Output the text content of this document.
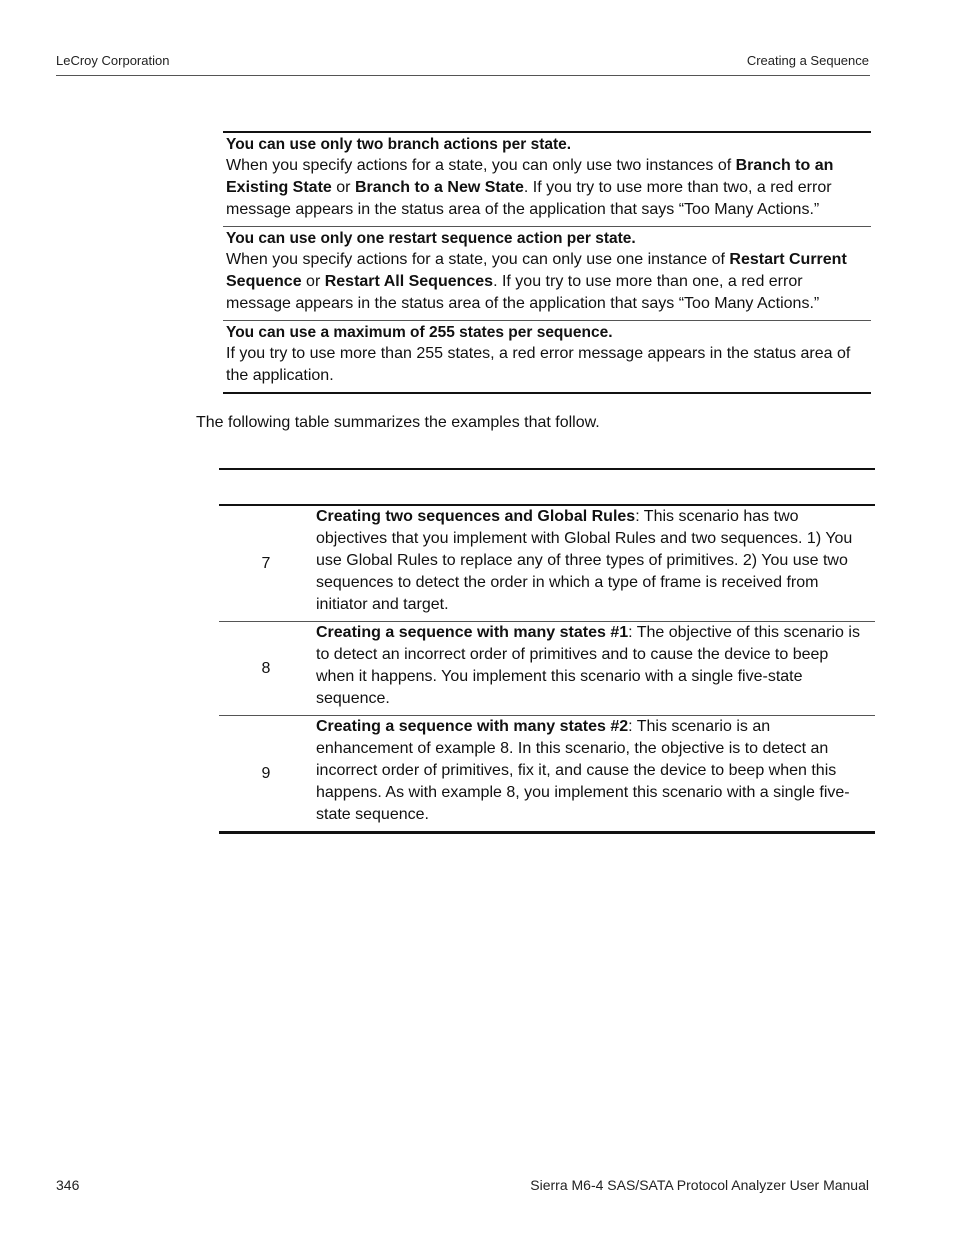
LeCroy Corporation	Creating a Sequence
You can use only two branch actions per state.
When you specify actions for a state, you can only use two instances of Branch to an Existing State or Branch to a New State. If you try to use more than two, a red error message appears in the status area of the application that says “Too Many Actions.”
You can use only one restart sequence action per state.
When you specify actions for a state, you can only use one instance of Restart Current Sequence or Restart All Sequences. If you try to use more than one, a red error message appears in the status area of the application that says “Too Many Actions.”
You can use a maximum of 255 states per sequence.
If you try to use more than 255 states, a red error message appears in the status area of the application.
The following table summarizes the examples that follow.
7
Creating two sequences and Global Rules: This scenario has two objectives that you implement with Global Rules and two sequences. 1) You use Global Rules to replace any of three types of primitives. 2) You use two sequences to detect the order in which a type of frame is received from initiator and target.
8
Creating a sequence with many states #1: The objective of this scenario is to detect an incorrect order of primitives and to cause the device to beep when it happens. You implement this scenario with a single five-state sequence.
9
Creating a sequence with many states #2: This scenario is an enhancement of example 8. In this scenario, the objective is to detect an incorrect order of primitives, fix it, and cause the device to beep when this happens. As with example 8, you implement this scenario with a single five-state sequence.
346	Sierra M6-4 SAS/SATA Protocol Analyzer User Manual
